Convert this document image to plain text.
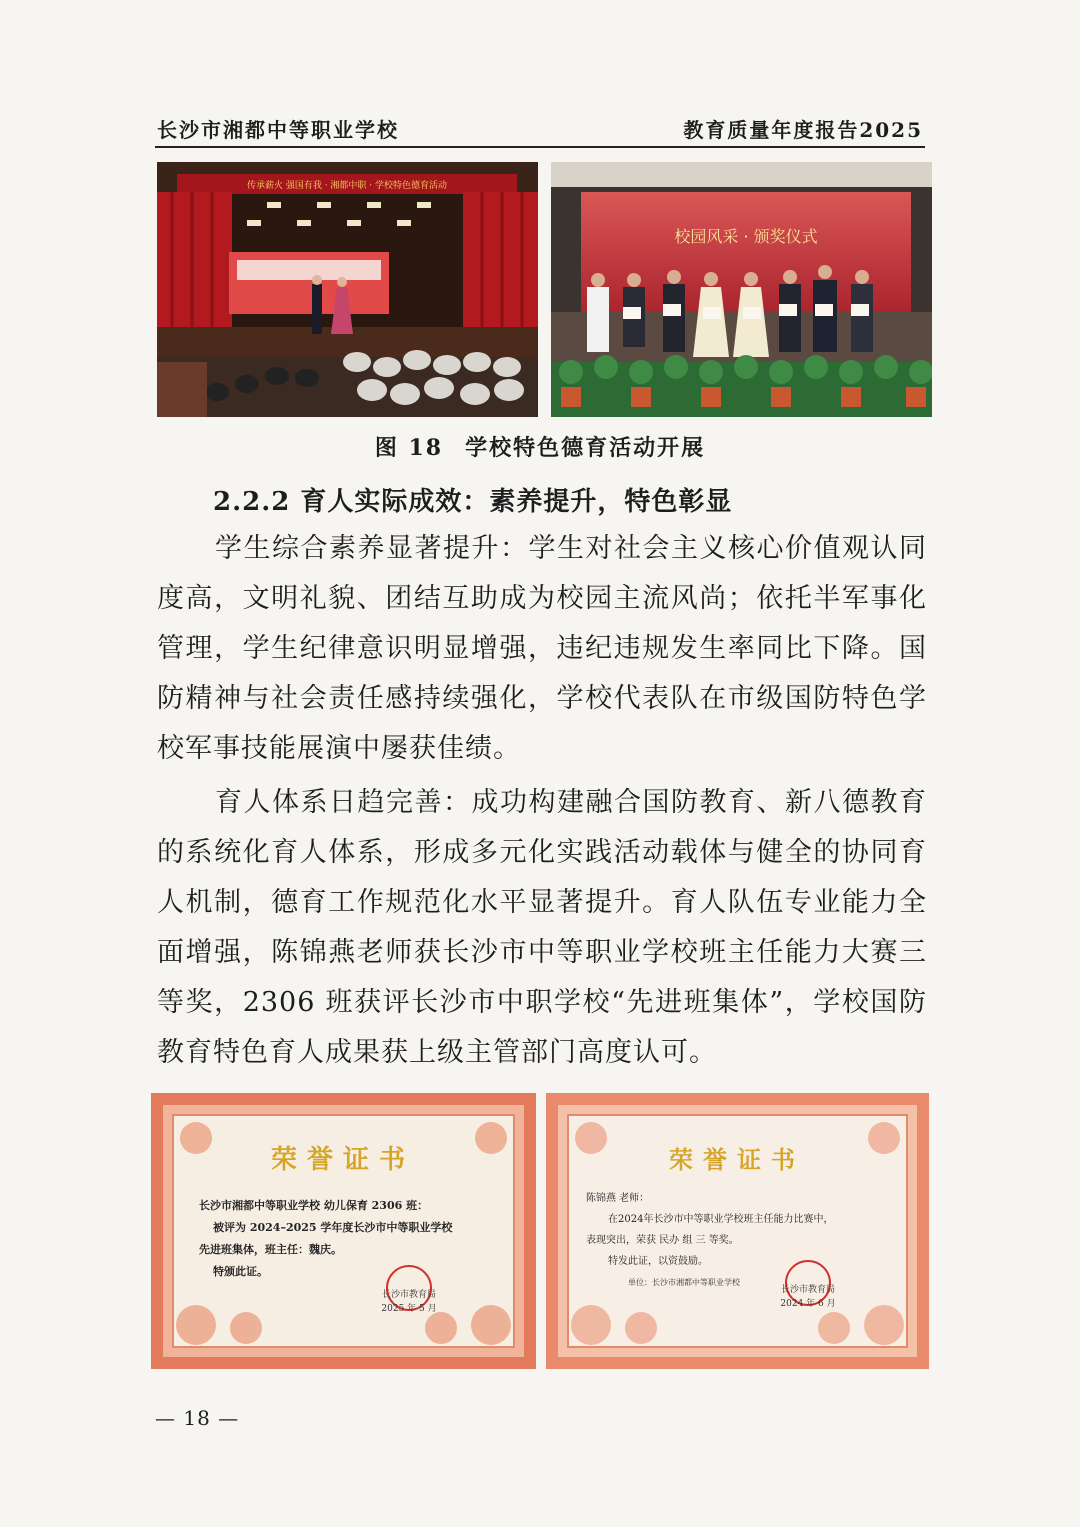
长沙市湘都中等职业学校	教育质量年度报告2025
传承薪火 强国有我 · 湘都中职 · 学校特色德育活动
校园风采 · 颁奖仪式
图 18 学校特色德育活动开展
2.2.2 育人实际成效：素养提升，特色彰显

学生综合素养显著提升：学生对社会主义核心价值观认同度高，文明礼貌、团结互助成为校园主流风尚；依托半军事化管理，学生纪律意识明显增强，违纪违规发生率同比下降。国防精神与社会责任感持续强化，学校代表队在市级国防特色学校军事技能展演中屡获佳绩。

育人体系日趋完善：成功构建融合国防教育、新八德教育的系统化育人体系，形成多元化实践活动载体与健全的协同育人机制，德育工作规范化水平显著提升。育人队伍专业能力全面增强，陈锦燕老师获长沙市中等职业学校班主任能力大赛三等奖，2306 班获评长沙市中职学校“先进班集体”，学校国防教育特色育人成果获上级主管部门高度认可。

荣誉证书
长沙市湘都中等职业学校 幼儿保育 2306 班：
被评为 2024–2025 学年度长沙市中等职业学校
先进班集体，班主任：魏庆。
特颁此证。
长沙市教育局
2025 年 5 月
荣誉证书
陈锦燕 老师：
在2024年长沙市中等职业学校班主任能力比赛中，
表现突出，荣获 民办 组 三 等奖。
特发此证，以资鼓励。
单位：长沙市湘都中等职业学校
长沙市教育局
2024 年 6 月
— 18 —
